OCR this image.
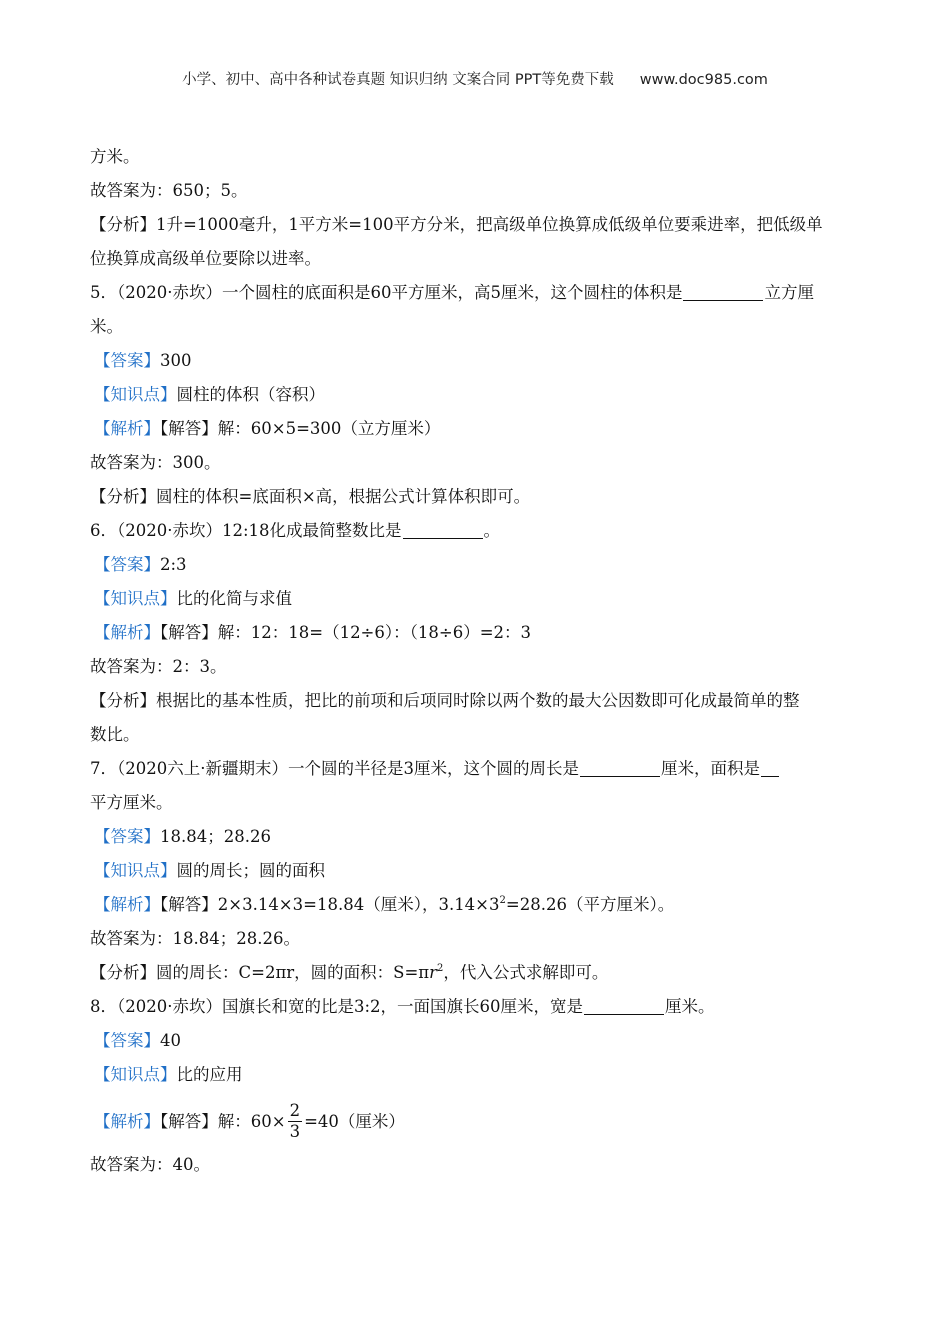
小学、初中、高中各种试卷真题 知识归纳 文案合同 PPT等免费下载 www.doc985.com
方米。
故答案为：650；5。
【分析】1升=1000毫升，1平方米=100平方分米，把高级单位换算成低级单位要乘进率，把低级单
位换算成高级单位要除以进率。
5．（2020·赤坎）一个圆柱的底面积是60平方厘米，高5厘米，这个圆柱的体积是	立方厘
米。
【答案】300
【知识点】圆柱的体积（容积）
【解析】【解答】解：60×5=300（立方厘米）
故答案为：300。
【分析】圆柱的体积=底面积×高，根据公式计算体积即可。
6．（2020·赤坎）12:18化成最简整数比是	。
【答案】2:3
【知识点】比的化简与求值
【解析】【解答】解：12：18=（12÷6）：（18÷6）=2：3
故答案为：2：3。
【分析】根据比的基本性质，把比的前项和后项同时除以两个数的最大公因数即可化成最简单的整
数比。
7．（2020六上·新疆期末）一个圆的半径是3厘米，这个圆的周长是	厘米，面积是
平方厘米。
【答案】18.84；28.26
【知识点】圆的周长；圆的面积
【解析】【解答】2×3.14×3=18.84（厘米），$3.14\times 3^2=28.26$（平方厘米）。
故答案为：18.84；28.26。
【分析】圆的周长：C=2πr，圆的面积：$S=\pi r^2$，代入公式求解即可。
8．（2020·赤坎）国旗长和宽的比是3:2，一面国旗长60厘米，宽是	厘米。
【答案】40
【知识点】比的应用
【解析】【解答】解：$60\times \frac{2}{3} =40$（厘米）
故答案为：40。
